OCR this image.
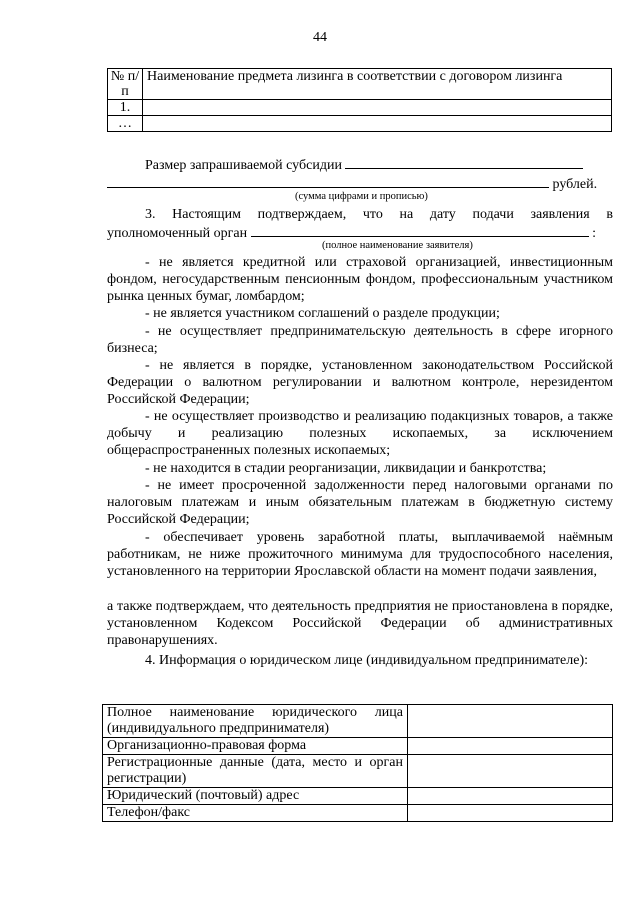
44
№ п/п	Наименование предмета лизинга в соответствии с договором лизинга
1.	
…	
Размер запрашиваемой субсидии
рублей.
(сумма цифрами и прописью)
3. Настоящим подтверждаем, что на дату подачи заявления в
уполномоченный орган	:
(полное наименование заявителя)
- не является кредитной или страховой организацией, инвестиционным фондом, негосударственным пенсионным фондом, профессиональным участником рынка ценных бумаг, ломбардом;
- не является участником соглашений о разделе продукции;
- не осуществляет предпринимательскую деятельность в сфере игорного бизнеса;
- не является в порядке, установленном законодательством Российской Федерации о валютном регулировании и валютном контроле, нерезидентом Российской Федерации;
- не осуществляет производство и реализацию подакцизных товаров, а также добычу и реализацию полезных ископаемых, за исключением общераспространенных полезных ископаемых;
- не находится в стадии реорганизации, ликвидации и банкротства;
- не имеет просроченной задолженности перед налоговыми органами по налоговым платежам и иным обязательным платежам в бюджетную систему Российской Федерации;
- обеспечивает уровень заработной платы, выплачиваемой наёмным работникам, не ниже прожиточного минимума для трудоспособного населения, установленного на территории Ярославской области на момент подачи заявления,
а также подтверждаем, что деятельность предприятия не приостановлена в порядке, установленном Кодексом Российской Федерации об административных правонарушениях.
4. Информация о юридическом лице (индивидуальном предпринимателе):
Полное наименование юридического лица (индивидуального предпринимателя)	
Организационно-правовая форма	
Регистрационные данные (дата, место и орган регистрации)	
Юридический (почтовый) адрес	
Телефон/факс	
